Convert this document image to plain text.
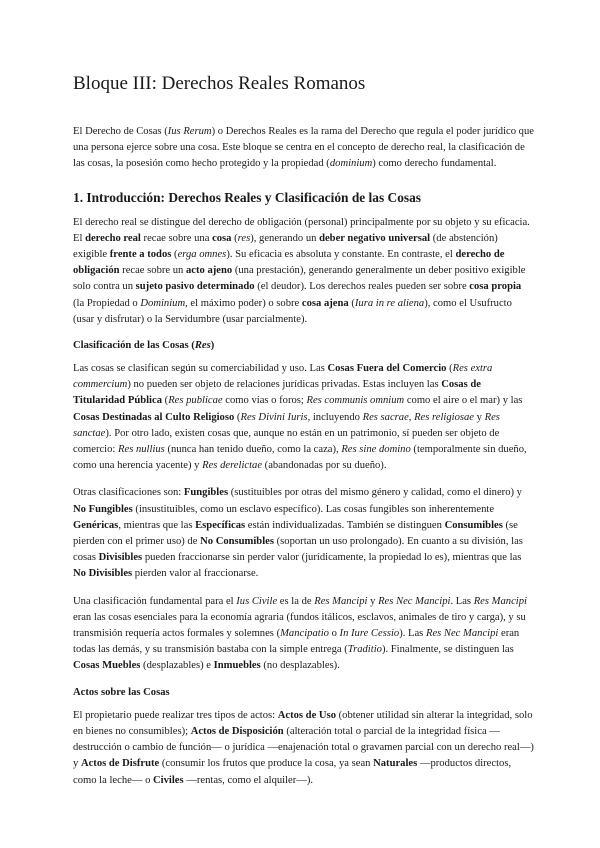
Bloque III: Derechos Reales Romanos

El Derecho de Cosas (Ius Rerum) o Derechos Reales es la rama del Derecho que regula el poder jurídico que una persona ejerce sobre una cosa. Este bloque se centra en el concepto de derecho real, la clasificación de las cosas, la posesión como hecho protegido y la propiedad (dominium) como derecho fundamental.

1. Introducción: Derechos Reales y Clasificación de las Cosas

El derecho real se distingue del derecho de obligación (personal) principalmente por su objeto y su eficacia. El derecho real recae sobre una cosa (res), generando un deber negativo universal (de abstención) exigible frente a todos (erga omnes). Su eficacia es absoluta y constante. En contraste, el derecho de obligación recae sobre un acto ajeno (una prestación), generando generalmente un deber positivo exigible solo contra un sujeto pasivo determinado (el deudor). Los derechos reales pueden ser sobre cosa propia (la Propiedad o Dominium, el máximo poder) o sobre cosa ajena (Iura in re aliena), como el Usufructo (usar y disfrutar) o la Servidumbre (usar parcialmente).

Clasificación de las Cosas (Res)

Las cosas se clasifican según su comerciabilidad y uso. Las Cosas Fuera del Comercio (Res extra commercium) no pueden ser objeto de relaciones jurídicas privadas. Estas incluyen las Cosas de Titularidad Pública (Res publicae como vías o foros; Res communis omnium como el aire o el mar) y las Cosas Destinadas al Culto Religioso (Res Divini Iuris, incluyendo Res sacrae, Res religiosae y Res sanctae). Por otro lado, existen cosas que, aunque no están en un patrimonio, sí pueden ser objeto de comercio: Res nullius (nunca han tenido dueño, como la caza), Res sine domino (temporalmente sin dueño, como una herencia yacente) y Res derelictae (abandonadas por su dueño).

Otras clasificaciones son: Fungibles (sustituibles por otras del mismo género y calidad, como el dinero) y No Fungibles (insustituibles, como un esclavo específico). Las cosas fungibles son inherentemente Genéricas, mientras que las Específicas están individualizadas. También se distinguen Consumibles (se pierden con el primer uso) de No Consumibles (soportan un uso prolongado). En cuanto a su división, las cosas Divisibles pueden fraccionarse sin perder valor (jurídicamente, la propiedad lo es), mientras que las No Divisibles pierden valor al fraccionarse.

Una clasificación fundamental para el Ius Civile es la de Res Mancipi y Res Nec Mancipi. Las Res Mancipi eran las cosas esenciales para la economía agraria (fundos itálicos, esclavos, animales de tiro y carga), y su transmisión requería actos formales y solemnes (Mancipatio o In Iure Cessio). Las Res Nec Mancipi eran todas las demás, y su transmisión bastaba con la simple entrega (Traditio). Finalmente, se distinguen las Cosas Muebles (desplazables) e Inmuebles (no desplazables).

Actos sobre las Cosas

El propietario puede realizar tres tipos de actos: Actos de Uso (obtener utilidad sin alterar la integridad, solo en bienes no consumibles); Actos de Disposición (alteración total o parcial de la integridad física —destrucción o cambio de función— o jurídica —enajenación total o gravamen parcial con un derecho real—) y Actos de Disfrute (consumir los frutos que produce la cosa, ya sean Naturales —productos directos, como la leche— o Civiles —rentas, como el alquiler—).
